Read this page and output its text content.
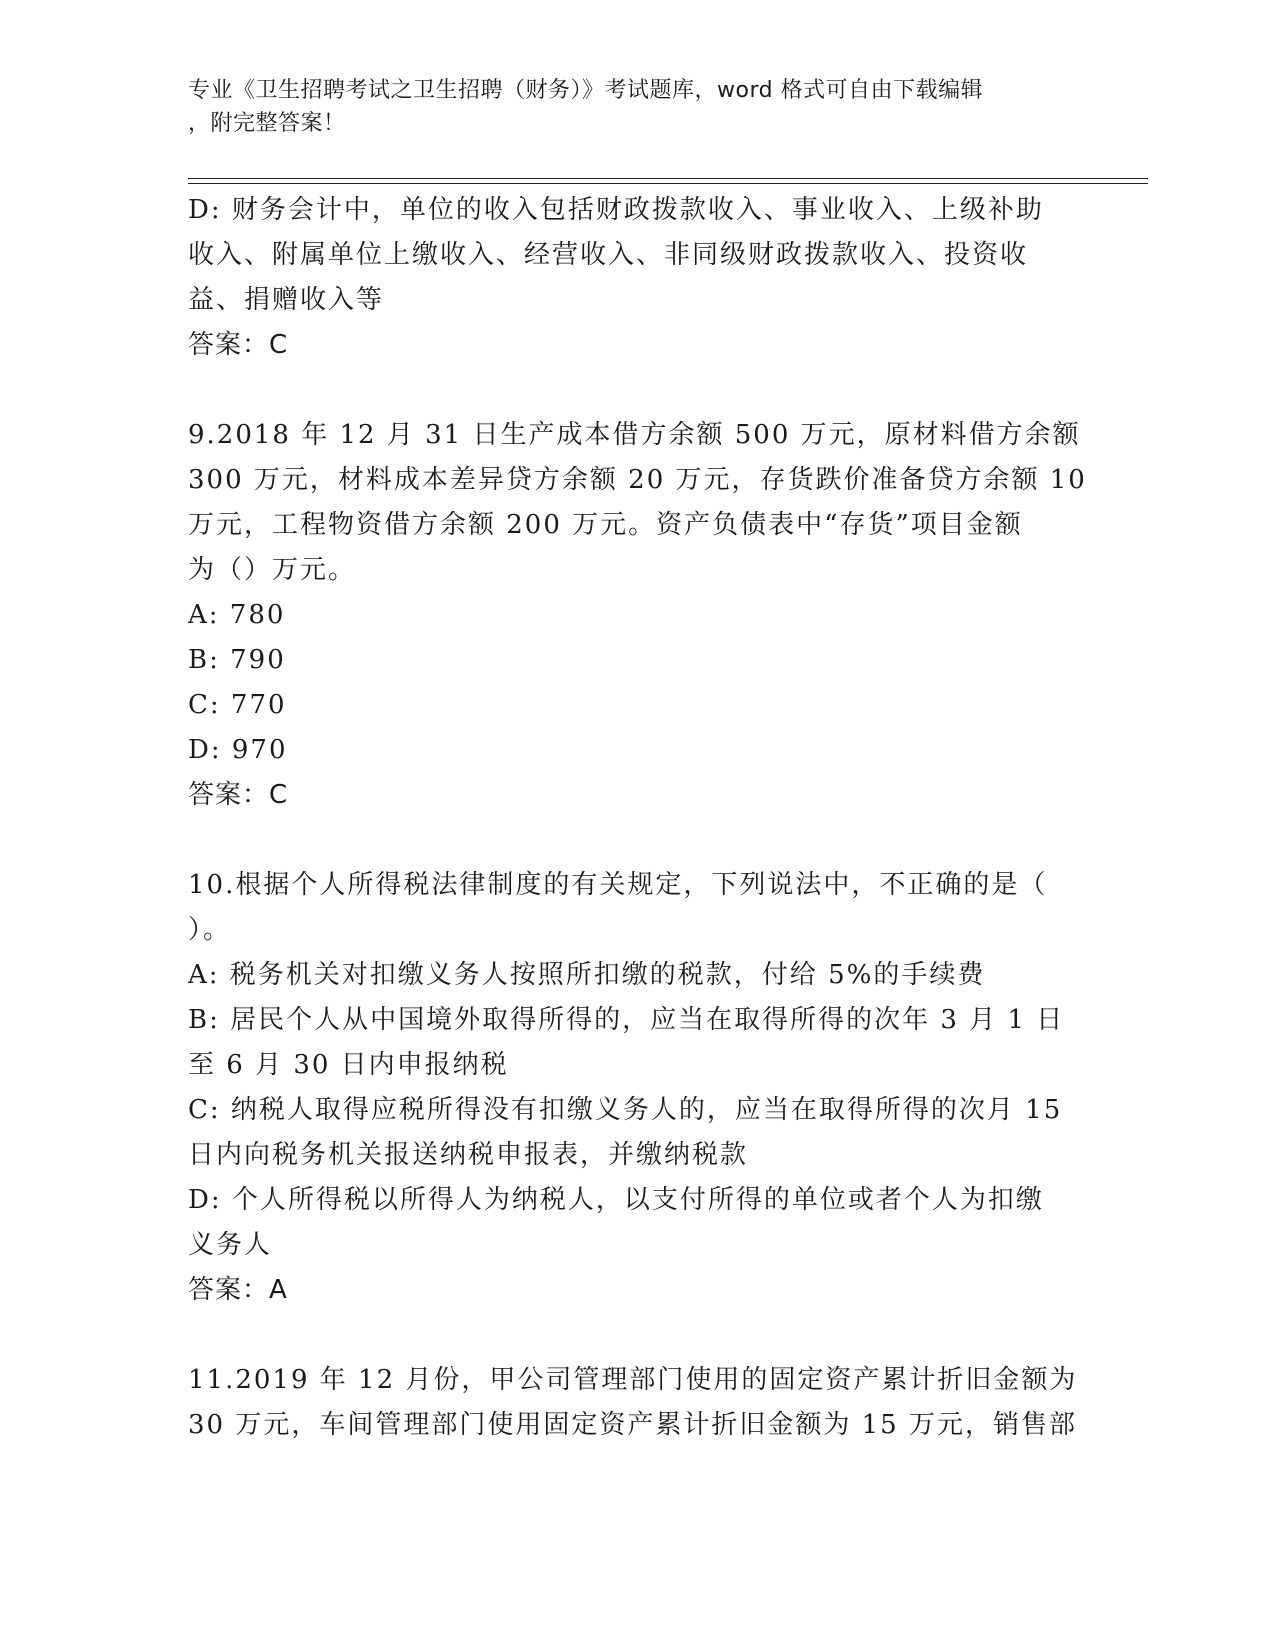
专业《卫生招聘考试之卫生招聘（财务）》考试题库，word 格式可自由下载编辑
，附完整答案！

D: 财务会计中，单位的收入包括财政拨款收入、事业收入、上级补助

收入、附属单位上缴收入、经营收入、非同级财政拨款收入、投资收

益、捐赠收入等

答案：C

9.2018 年 12 月 31 日生产成本借方余额 500 万元，原材料借方余额

300 万元，材料成本差异贷方余额 20 万元，存货跌价准备贷方余额 10

万元，工程物资借方余额 200 万元。资产负债表中“存货”项目金额

为（）万元。

A: 780

B: 790

C: 770

D: 970

答案：C

10.根据个人所得税法律制度的有关规定，下列说法中，不正确的是（

）。

A: 税务机关对扣缴义务人按照所扣缴的税款，付给 5%的手续费

B: 居民个人从中国境外取得所得的，应当在取得所得的次年 3 月 1 日

至 6 月 30 日内申报纳税

C: 纳税人取得应税所得没有扣缴义务人的，应当在取得所得的次月 15

日内向税务机关报送纳税申报表，并缴纳税款

D: 个人所得税以所得人为纳税人，以支付所得的单位或者个人为扣缴

义务人

答案：A

11.2019 年 12 月份，甲公司管理部门使用的固定资产累计折旧金额为

30 万元，车间管理部门使用固定资产累计折旧金额为 15 万元，销售部
